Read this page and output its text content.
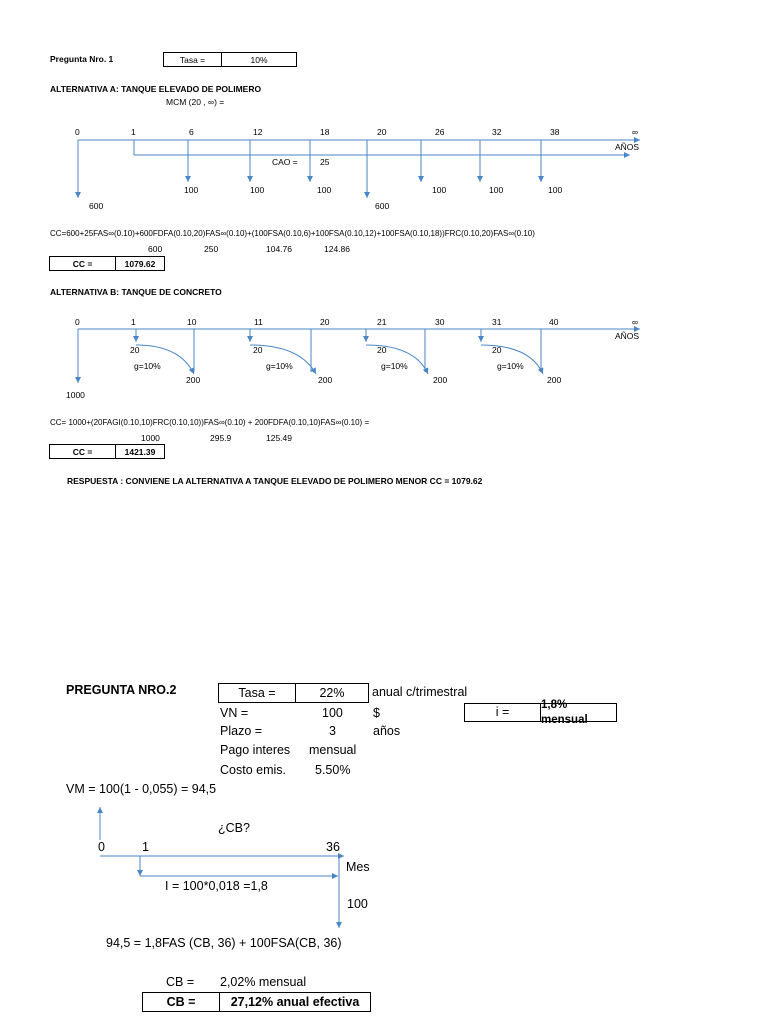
Pregunta Nro. 1	Tasa =	10%
ALTERNATIVA A: TANQUE ELEVADO DE POLIMERO
MCM (20 , ∞) =
0	1	6	12	18	20	26	32	38	∞
AÑOS
CAO =	25
100	100	100	100	100	100
600	600
CC=600+25FAS∞(0.10)+600FDFA(0.10,20)FAS∞(0.10)+(100FSA(0.10,6)+100FSA(0.10,12)+100FSA(0.10,18))FRC(0.10,20)FAS∞(0.10)
600	250	104.76	124.86
CC =	1079.62
ALTERNATIVA B: TANQUE DE CONCRETO
0	1	10	11	20	21	30	31	40	∞
AÑOS
20	20	20	20
g=10%	g=10%	g=10%	g=10%
200	200	200	200
1000
CC= 1000+(20FAGI(0.10,10)FRC(0.10,10))FAS∞(0.10) + 200FDFA(0.10,10)FAS∞(0.10) =
1000	295.9	125.49
CC =	1421.39
RESPUESTA : CONVIENE LA ALTERNATIVA A TANQUE ELEVADO DE POLIMERO MENOR CC = 1079.62
PREGUNTA NRO.2	Tasa =	22%	anual c/trimestral
VN =	100 $
Plazo =	3	años
Pago interes mensual
Costo emis. 5.50%
i =
1,8% mensual
VM = 100(1 - 0,055) = 94,5
¿CB?
0	1	36
Mes
I = 100*0,018 =1,8
100
94,5 = 1,8FAS (CB, 36) + 100FSA(CB, 36)
CB = 2,02% mensual
CB =	27,12% anual efectiva
